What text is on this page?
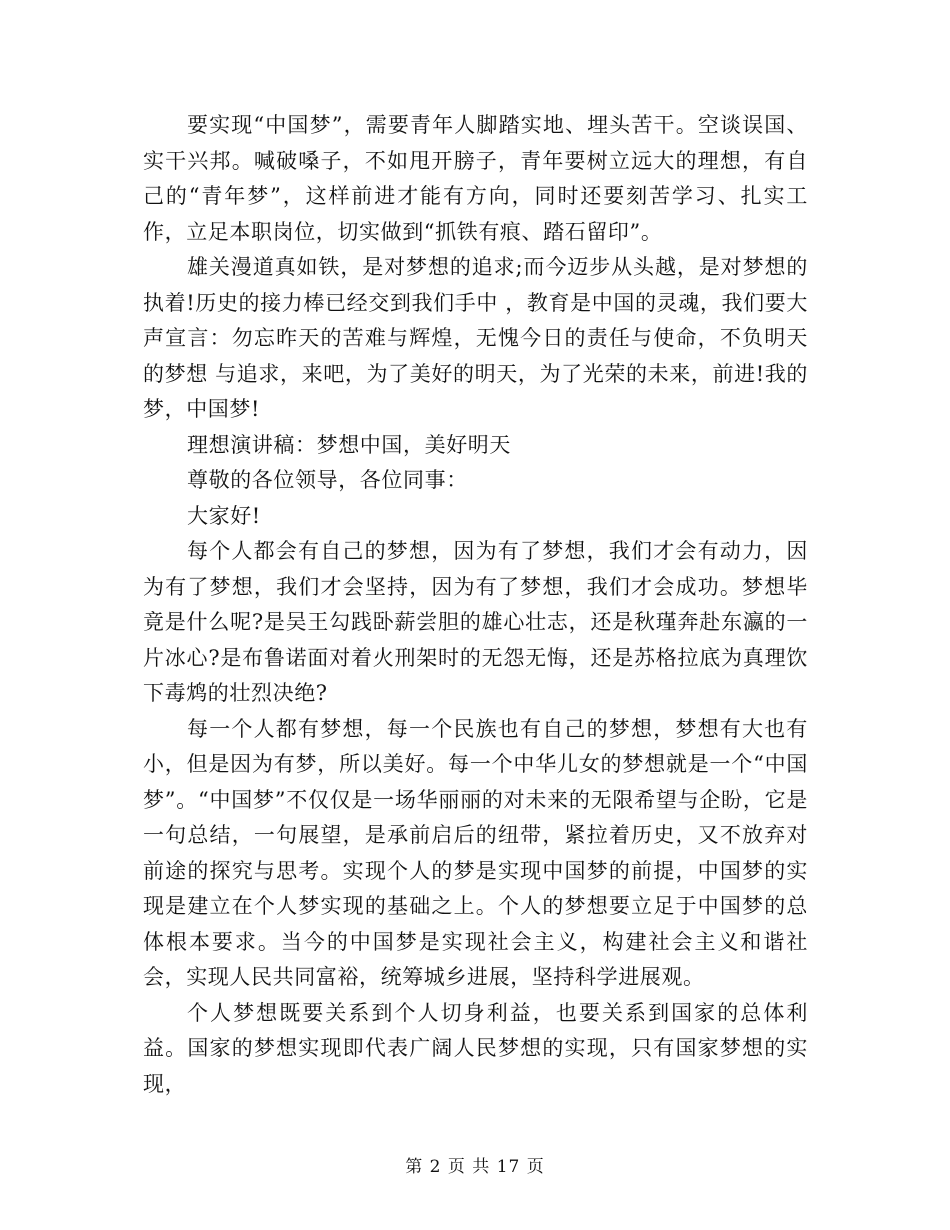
要实现“中国梦”，需要青年人脚踏实地、埋头苦干。空谈误国、实干兴邦。喊破嗓子，不如甩开膀子，青年要树立远大的理想，有自己的“青年梦”，这样前进才能有方向，同时还要刻苦学习、扎实工作，立足本职岗位，切实做到“抓铁有痕、踏石留印”。

雄关漫道真如铁，是对梦想的追求;而今迈步从头越，是对梦想的执着!历史的接力棒已经交到我们手中 ，教育是中国的灵魂，我们要大声宣言：勿忘昨天的苦难与辉煌，无愧今日的责任与使命，不负明天的梦想 与追求，来吧，为了美好的明天，为了光荣的未来，前进!我的梦，中国梦!

理想演讲稿：梦想中国，美好明天

尊敬的各位领导，各位同事：

大家好!

每个人都会有自己的梦想，因为有了梦想，我们才会有动力，因为有了梦想，我们才会坚持，因为有了梦想，我们才会成功。梦想毕竟是什么呢?是吴王勾践卧薪尝胆的雄心壮志，还是秋瑾奔赴东瀛的一片冰心?是布鲁诺面对着火刑架时的无怨无悔，还是苏格拉底为真理饮下毒鸩的壮烈决绝?

每一个人都有梦想，每一个民族也有自己的梦想，梦想有大也有小，但是因为有梦，所以美好。每一个中华儿女的梦想就是一个“中国梦”。“中国梦”不仅仅是一场华丽丽的对未来的无限希望与企盼，它是一句总结，一句展望，是承前启后的纽带，紧拉着历史，又不放弃对前途的探究与思考。实现个人的梦是实现中国梦的前提，中国梦的实现是建立在个人梦实现的基础之上。个人的梦想要立足于中国梦的总体根本要求。当今的中国梦是实现社会主义，构建社会主义和谐社会，实现人民共同富裕，统筹城乡进展，坚持科学进展观。

个人梦想既要关系到个人切身利益，也要关系到国家的总体利益。国家的梦想实现即代表广阔人民梦想的实现，只有国家梦想的实现，

第 2 页 共 17 页
